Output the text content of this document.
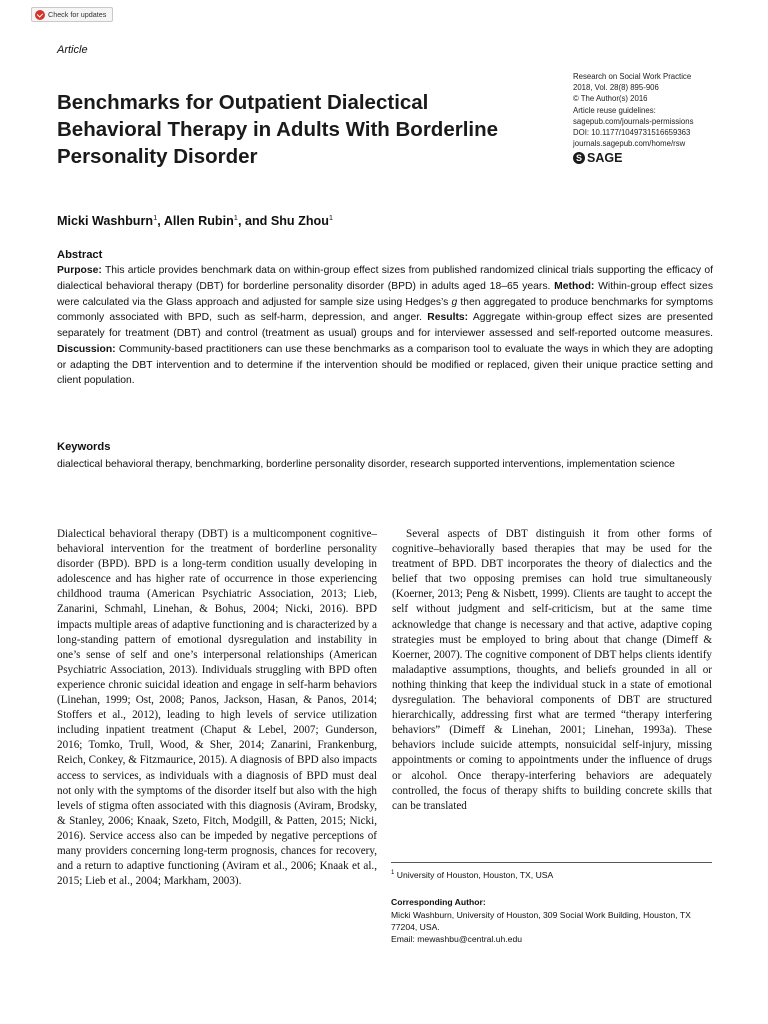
Check for updates
Article
Benchmarks for Outpatient Dialectical Behavioral Therapy in Adults With Borderline Personality Disorder
Research on Social Work Practice
2018, Vol. 28(8) 895-906
© The Author(s) 2016
Article reuse guidelines:
sagepub.com/journals-permissions
DOI: 10.1177/1049731516659363
journals.sagepub.com/home/rsw
S SAGE
Micki Washburn$^1$, Allen Rubin$^1$, and Shu Zhou$^1$
Abstract

Purpose: This article provides benchmark data on within-group effect sizes from published randomized clinical trials supporting the efficacy of dialectical behavioral therapy (DBT) for borderline personality disorder (BPD) in adults aged 18–65 years. Method: Within-group effect sizes were calculated via the Glass approach and adjusted for sample size using Hedges’s g then aggregated to produce benchmarks for symptoms commonly associated with BPD, such as self-harm, depression, and anger. Results: Aggregate within-group effect sizes are presented separately for treatment (DBT) and control (treatment as usual) groups and for interviewer assessed and self-reported outcome measures. Discussion: Community-based practitioners can use these benchmarks as a comparison tool to evaluate the ways in which they are adopting or adapting the DBT intervention and to determine if the intervention should be modified or replaced, given their unique practice setting and client population.

Keywords
dialectical behavioral therapy, benchmarking, borderline personality disorder, research supported interventions, implementation science

Dialectical behavioral therapy (DBT) is a multicomponent cognitive–behavioral intervention for the treatment of borderline personality disorder (BPD). BPD is a long-term condition usually developing in adolescence and has higher rate of occurrence in those experiencing childhood trauma (American Psychiatric Association, 2013; Lieb, Zanarini, Schmahl, Linehan, & Bohus, 2004; Nicki, 2016). BPD impacts multiple areas of adaptive functioning and is characterized by a long-standing pattern of emotional dysregulation and instability in one’s sense of self and one’s interpersonal relationships (American Psychiatric Association, 2013). Individuals struggling with BPD often experience chronic suicidal ideation and engage in self-harm behaviors (Linehan, 1999; Ost, 2008; Panos, Jackson, Hasan, & Panos, 2014; Stoffers et al., 2012), leading to high levels of service utilization including inpatient treatment (Chaput & Lebel, 2007; Gunderson, 2016; Tomko, Trull, Wood, & Sher, 2014; Zanarini, Frankenburg, Reich, Conkey, & Fitzmaurice, 2015). A diagnosis of BPD also impacts access to services, as individuals with a diagnosis of BPD must deal not only with the symptoms of the disorder itself but also with the high levels of stigma often associated with this diagnosis (Aviram, Brodsky, & Stanley, 2006; Knaak, Szeto, Fitch, Modgill, & Patten, 2015; Nicki, 2016). Service access also can be impeded by negative perceptions of many providers concerning long-term prognosis, chances for recovery, and a return to adaptive functioning (Aviram et al., 2006; Knaak et al., 2015; Lieb et al., 2004; Markham, 2003).

Several aspects of DBT distinguish it from other forms of cognitive–behaviorally based therapies that may be used for the treatment of BPD. DBT incorporates the theory of dialectics and the belief that two opposing premises can hold true simultaneously (Koerner, 2013; Peng & Nisbett, 1999). Clients are taught to accept the self without judgment and self-criticism, but at the same time acknowledge that change is necessary and that active, adaptive coping strategies must be employed to bring about that change (Dimeff & Koerner, 2007). The cognitive component of DBT helps clients identify maladaptive assumptions, thoughts, and beliefs grounded in all or nothing thinking that keep the individual stuck in a state of emotional dysregulation. The behavioral components of DBT are structured hierarchically, addressing first what are termed “therapy interfering behaviors” (Dimeff & Linehan, 2001; Linehan, 1993a). These behaviors include suicide attempts, nonsuicidal self-injury, missing appointments or coming to appointments under the influence of drugs or alcohol. Once therapy-interfering behaviors are adequately controlled, the focus of therapy shifts to building concrete skills that can be translated

$^1$ University of Houston, Houston, TX, USA
Corresponding Author:
Micki Washburn, University of Houston, 309 Social Work Building, Houston, TX 77204, USA.
Email: mewashbu@central.uh.edu
